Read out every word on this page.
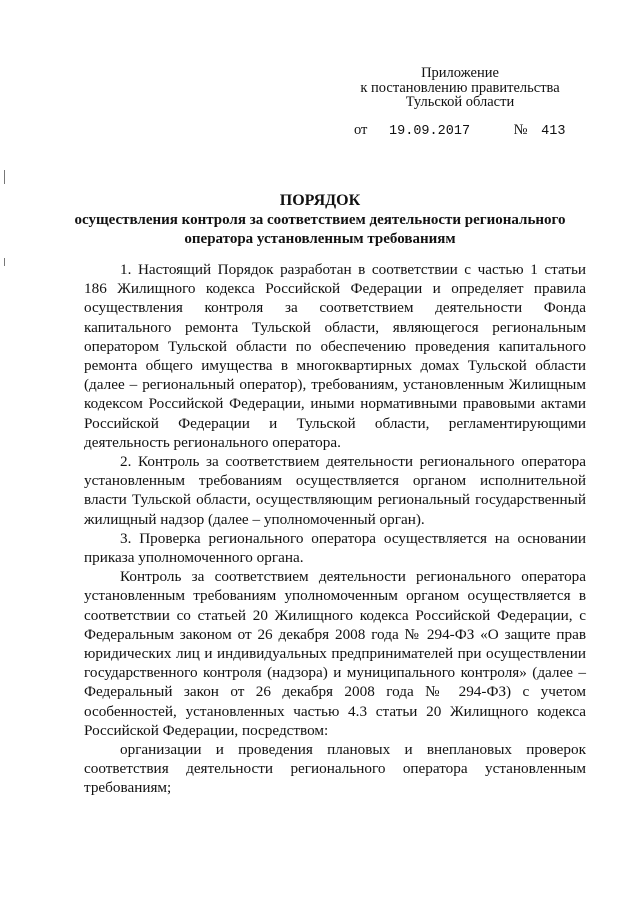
Приложение
к постановлению правительства
Тульской области
от 19.09.2017	№ 413
ПОРЯДОК
осуществления контроля за соответствием деятельности регионального
оператора установленным требованиям

1. Настоящий Порядок разработан в соответствии с частью 1 статьи 186 Жилищного кодекса Российской Федерации и определяет правила осуществления контроля за соответствием деятельности Фонда капитального ремонта Тульской области, являющегося региональным оператором Тульской области по обеспечению проведения капитального ремонта общего имущества в многоквартирных домах Тульской области (далее – региональный оператор), требованиям, установленным Жилищным кодексом Российской Федерации, иными нормативными правовыми актами Российской Федерации и Тульской области, регламентирующими деятельность регионального оператора.

2. Контроль за соответствием деятельности регионального оператора установленным требованиям осуществляется органом исполнительной власти Тульской области, осуществляющим региональный государственный жилищный надзор (далее – уполномоченный орган).

3. Проверка регионального оператора осуществляется на основании приказа уполномоченного органа.

Контроль за соответствием деятельности регионального оператора установленным требованиям уполномоченным органом осуществляется в соответствии со статьей 20 Жилищного кодекса Российской Федерации, с Федеральным законом от 26 декабря 2008 года № 294-ФЗ «О защите прав юридических лиц и индивидуальных предпринимателей при осуществлении государственного контроля (надзора) и муниципального контроля» (далее – Федеральный закон от 26 декабря 2008 года № 294-ФЗ) с учетом особенностей, установленных частью 4.3 статьи 20 Жилищного кодекса Российской Федерации, посредством:

организации и проведения плановых и внеплановых проверок соответствия деятельности регионального оператора установленным требованиям;
